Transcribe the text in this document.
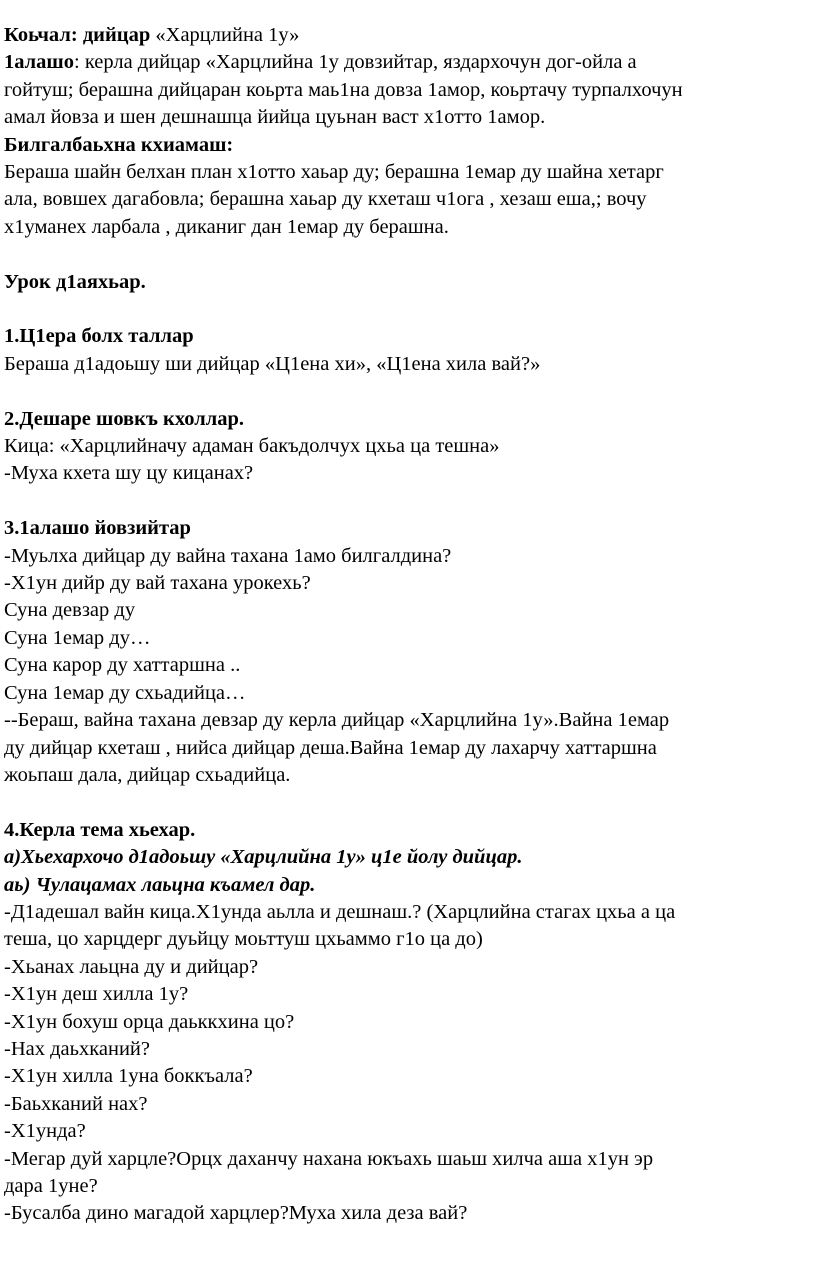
Коьчал: дийцар «Харцлийна 1у»
1алашо: керла дийцар «Харцлийна 1у довзийтар, яздархочун дог-ойла а
гойтуш; берашна дийцаран коьрта маь1на довза 1амор, коьртачу турпалхочун
амал йовза и шен дешнашца йийца цуьнан васт х1отто 1амор.
Билгалбаьхна кхиамаш:
Бераша шайн белхан план х1отто хаьар ду; берашна 1емар ду шайна хетарг
ала, вовшех дагабовла; берашна хаьар ду кхеташ ч1ога , хезаш еша,; вочу
х1уманех ларбала , диканиг дан 1емар ду берашна.
Урок д1аяхьар.
1.Ц1ера болх таллар
Бераша д1адоьшу ши дийцар «Ц1ена хи», «Ц1ена хила вай?»
2.Дешаре шовкъ кхоллар.
Кица: «Харцлийначу адаман бакъдолчух цхьа ца тешна»
-Муха кхета шу цу кицанах?
3.1алашо йовзийтар
-Муьлха дийцар ду вайна тахана 1амо билгалдина?
-Х1ун дийр ду вай тахана урокехь?
Суна девзар ду
Суна 1емар ду…
Суна карор ду хаттаршна ..
Суна 1емар ду схьадийцa…
--Бераш, вайна тахана девзар ду керла дийцар «Харцлийна 1у».Вайна 1емар
ду дийцар кхеташ , нийса дийцар деша.Вайна 1емар ду лахарчу хаттаршна
жоьпаш дала, дийцар схьадийца.
4.Керла тема хьехар.
а)Хьехархочо д1адоьшу «Харцлийна 1у» ц1е йолу дийцар.
аь) Чулацамах лаьцна къамел дар.
-Д1адешал вайн кица.Х1унда аьлла и дешнаш.? (Харцлийна стагах цхьа а ца
теша, цо харцдерг дуьйцу моьттуш цхьаммо г1о ца до)
-Хьанах лаьцна ду и дийцар?
-Х1ун деш хилла 1у?
-Х1ун бохуш орца даьккхина цо?
-Нах даьхканий?
-Х1ун хилла 1уна боккъала?
-Баьхканий нах?
-Х1унда?
-Мегар дуй харцле?Орцх даханчу нахана юкъахь шаьш хилча аша х1ун эр
дара 1уне?
-Бусалба дино магадой харцлер?Муха хила деза вай?
